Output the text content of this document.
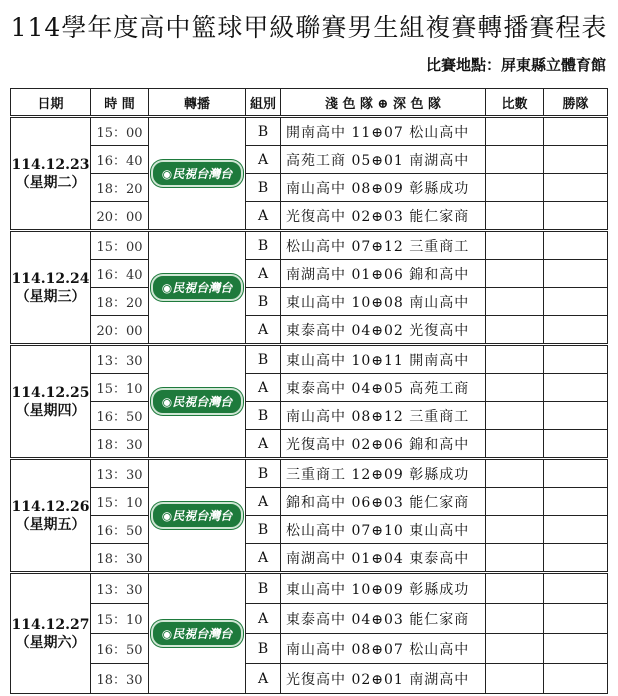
114學年度高中籃球甲級聯賽男生組複賽轉播賽程表
比賽地點：屏東縣立體育館
日期	時 間	轉播	組別	淺 色 隊 ⊕ 深 色 隊	比數	勝隊

114.12.23
（星期二）	15：00	◉民視台灣台	B	開南高中 11⊕07 松山高中		
	16：40		A	高苑工商 05⊕01 南湖高中		
	18：20		B	南山高中 08⊕09 彰縣成功		
	20：00		A	光復高中 02⊕03 能仁家商		

114.12.24
（星期三）	15：00	◉民視台灣台	B	松山高中 07⊕12 三重商工		
	16：40		A	南湖高中 01⊕06 錦和高中		
	18：20		B	東山高中 10⊕08 南山高中		
	20：00		A	東泰高中 04⊕02 光復高中		

114.12.25
（星期四）	13：30	◉民視台灣台	B	東山高中 10⊕11 開南高中		
	15：10		A	東泰高中 04⊕05 高苑工商		
	16：50		B	南山高中 08⊕12 三重商工		
	18：30		A	光復高中 02⊕06 錦和高中		

114.12.26
（星期五）	13：30	◉民視台灣台	B	三重商工 12⊕09 彰縣成功		
	15：10		A	錦和高中 06⊕03 能仁家商		
	16：50		B	松山高中 07⊕10 東山高中		
	18：30		A	南湖高中 01⊕04 東泰高中		

114.12.27
（星期六）	13：30	◉民視台灣台	B	東山高中 10⊕09 彰縣成功		
	15：10		A	東泰高中 04⊕03 能仁家商		
	16：50		B	南山高中 08⊕07 松山高中		
	18：30		A	光復高中 02⊕01 南湖高中		
